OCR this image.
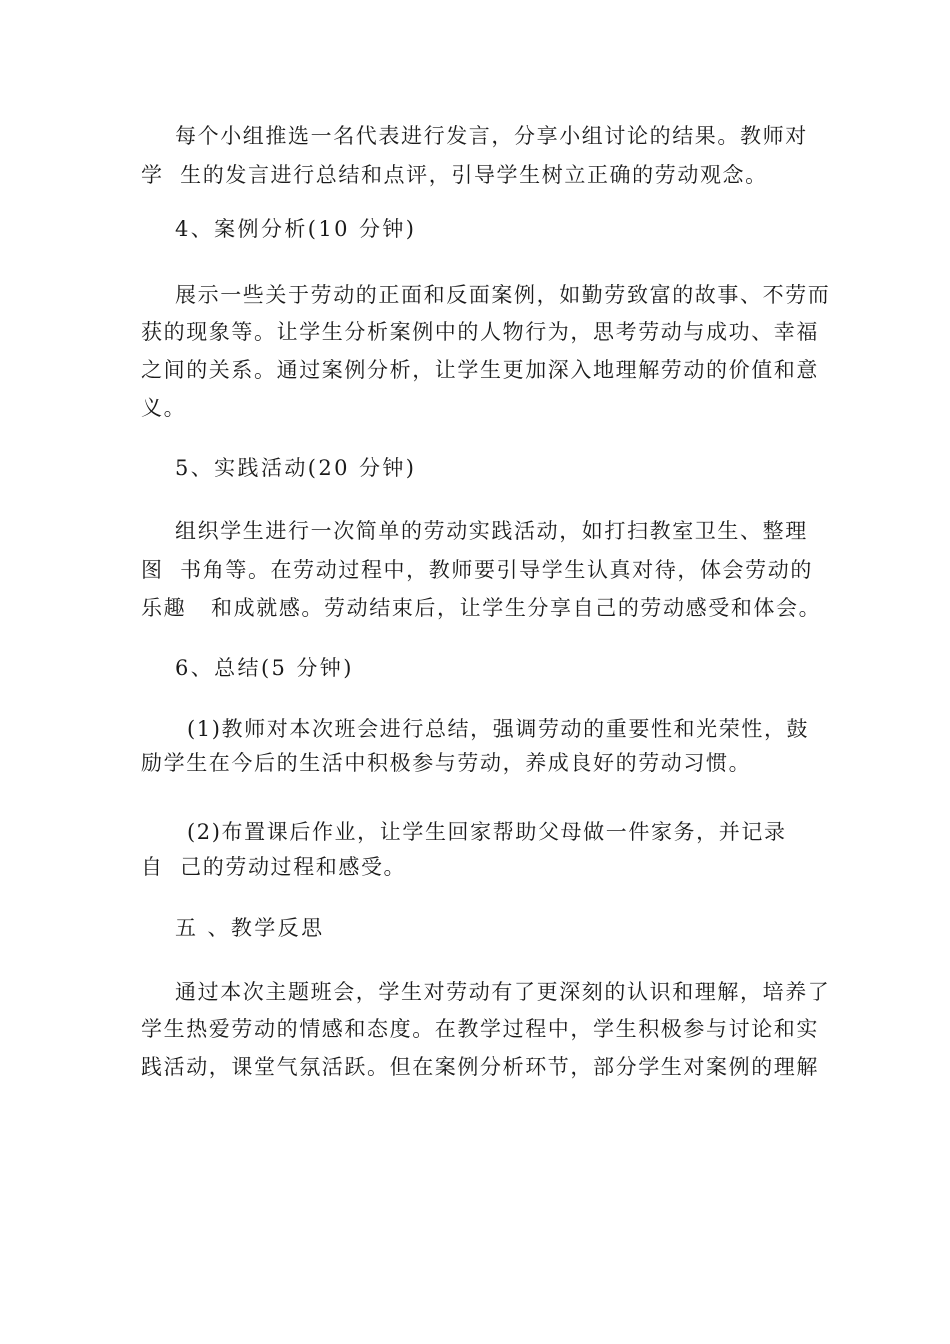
每个小组推选一名代表进行发言，分享小组讨论的结果。教师对
学  生的发言进行总结和点评，引导学生树立正确的劳动观念。
4、案例分析(10 分钟)
展示一些关于劳动的正面和反面案例，如勤劳致富的故事、不劳而
获的现象等。让学生分析案例中的人物行为，思考劳动与成功、幸福
之间的关系。通过案例分析，让学生更加深入地理解劳动的价值和意
义。
5、实践活动(20 分钟)
组织学生进行一次简单的劳动实践活动，如打扫教室卫生、整理
图  书角等。在劳动过程中，教师要引导学生认真对待，体会劳动的
乐趣   和成就感。劳动结束后，让学生分享自己的劳动感受和体会。
6、总结(5 分钟)
(1)教师对本次班会进行总结，强调劳动的重要性和光荣性，鼓
励学生在今后的生活中积极参与劳动，养成良好的劳动习惯。
(2)布置课后作业，让学生回家帮助父母做一件家务，并记录
自  己的劳动过程和感受。
五 、教学反思
通过本次主题班会，学生对劳动有了更深刻的认识和理解，培养了
学生热爱劳动的情感和态度。在教学过程中，学生积极参与讨论和实
践活动，课堂气氛活跃。但在案例分析环节，部分学生对案例的理解
